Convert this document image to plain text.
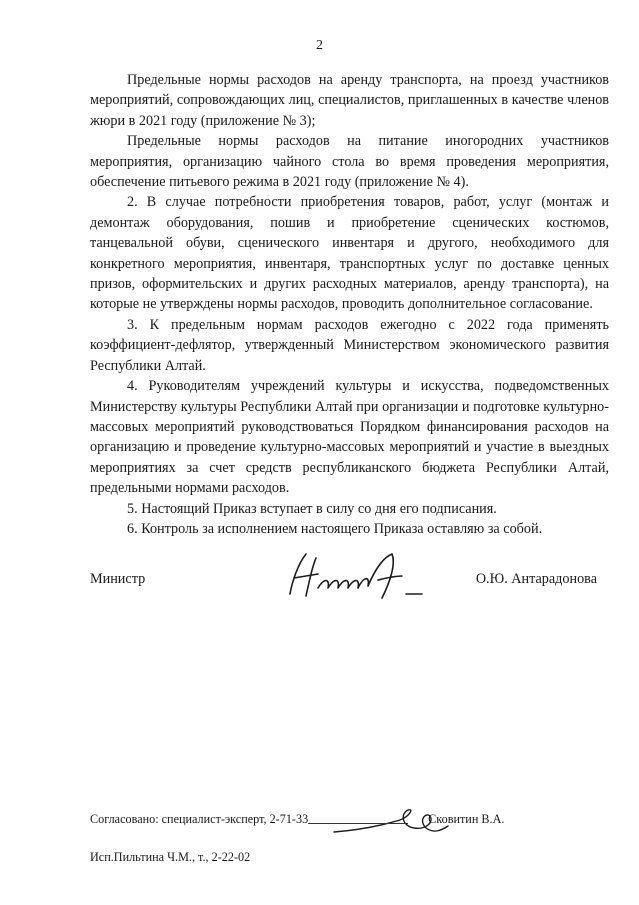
2

Предельные нормы расходов на аренду транспорта, на проезд участников мероприятий, сопровождающих лиц, специалистов, приглашенных в качестве членов жюри в 2021 году (приложение № 3);

Предельные нормы расходов на питание иногородних участников мероприятия, организацию чайного стола во время проведения мероприятия, обеспечение питьевого режима в 2021 году (приложение № 4).

2. В случае потребности приобретения товаров, работ, услуг (монтаж и демонтаж оборудования, пошив и приобретение сценических костюмов, танцевальной обуви, сценического инвентаря и другого, необходимого для конкретного мероприятия, инвентаря, транспортных услуг по доставке ценных призов, оформительских и других расходных материалов, аренду транспорта), на которые не утверждены нормы расходов, проводить дополнительное согласование.

3. К предельным нормам расходов ежегодно с 2022 года применять коэффициент-дефлятор, утвержденный Министерством экономического развития Республики Алтай.

4. Руководителям учреждений культуры и искусства, подведомственных Министерству культуры Республики Алтай при организации и подготовке культурно-массовых мероприятий руководствоваться Порядком финансирования расходов на организацию и проведение культурно-массовых мероприятий и участие в выездных мероприятиях за счет средств республиканского бюджета Республики Алтай, предельными нормами расходов.

5. Настоящий Приказ вступает в силу со дня его подписания.

6. Контроль за исполнением настоящего Приказа оставляю за собой.

Министр	О.Ю. Антарадонова
Согласовано: специалист-эксперт, 2-71-33	Сковитин В.А.
Исп.Пильтина Ч.М., т., 2-22-02
